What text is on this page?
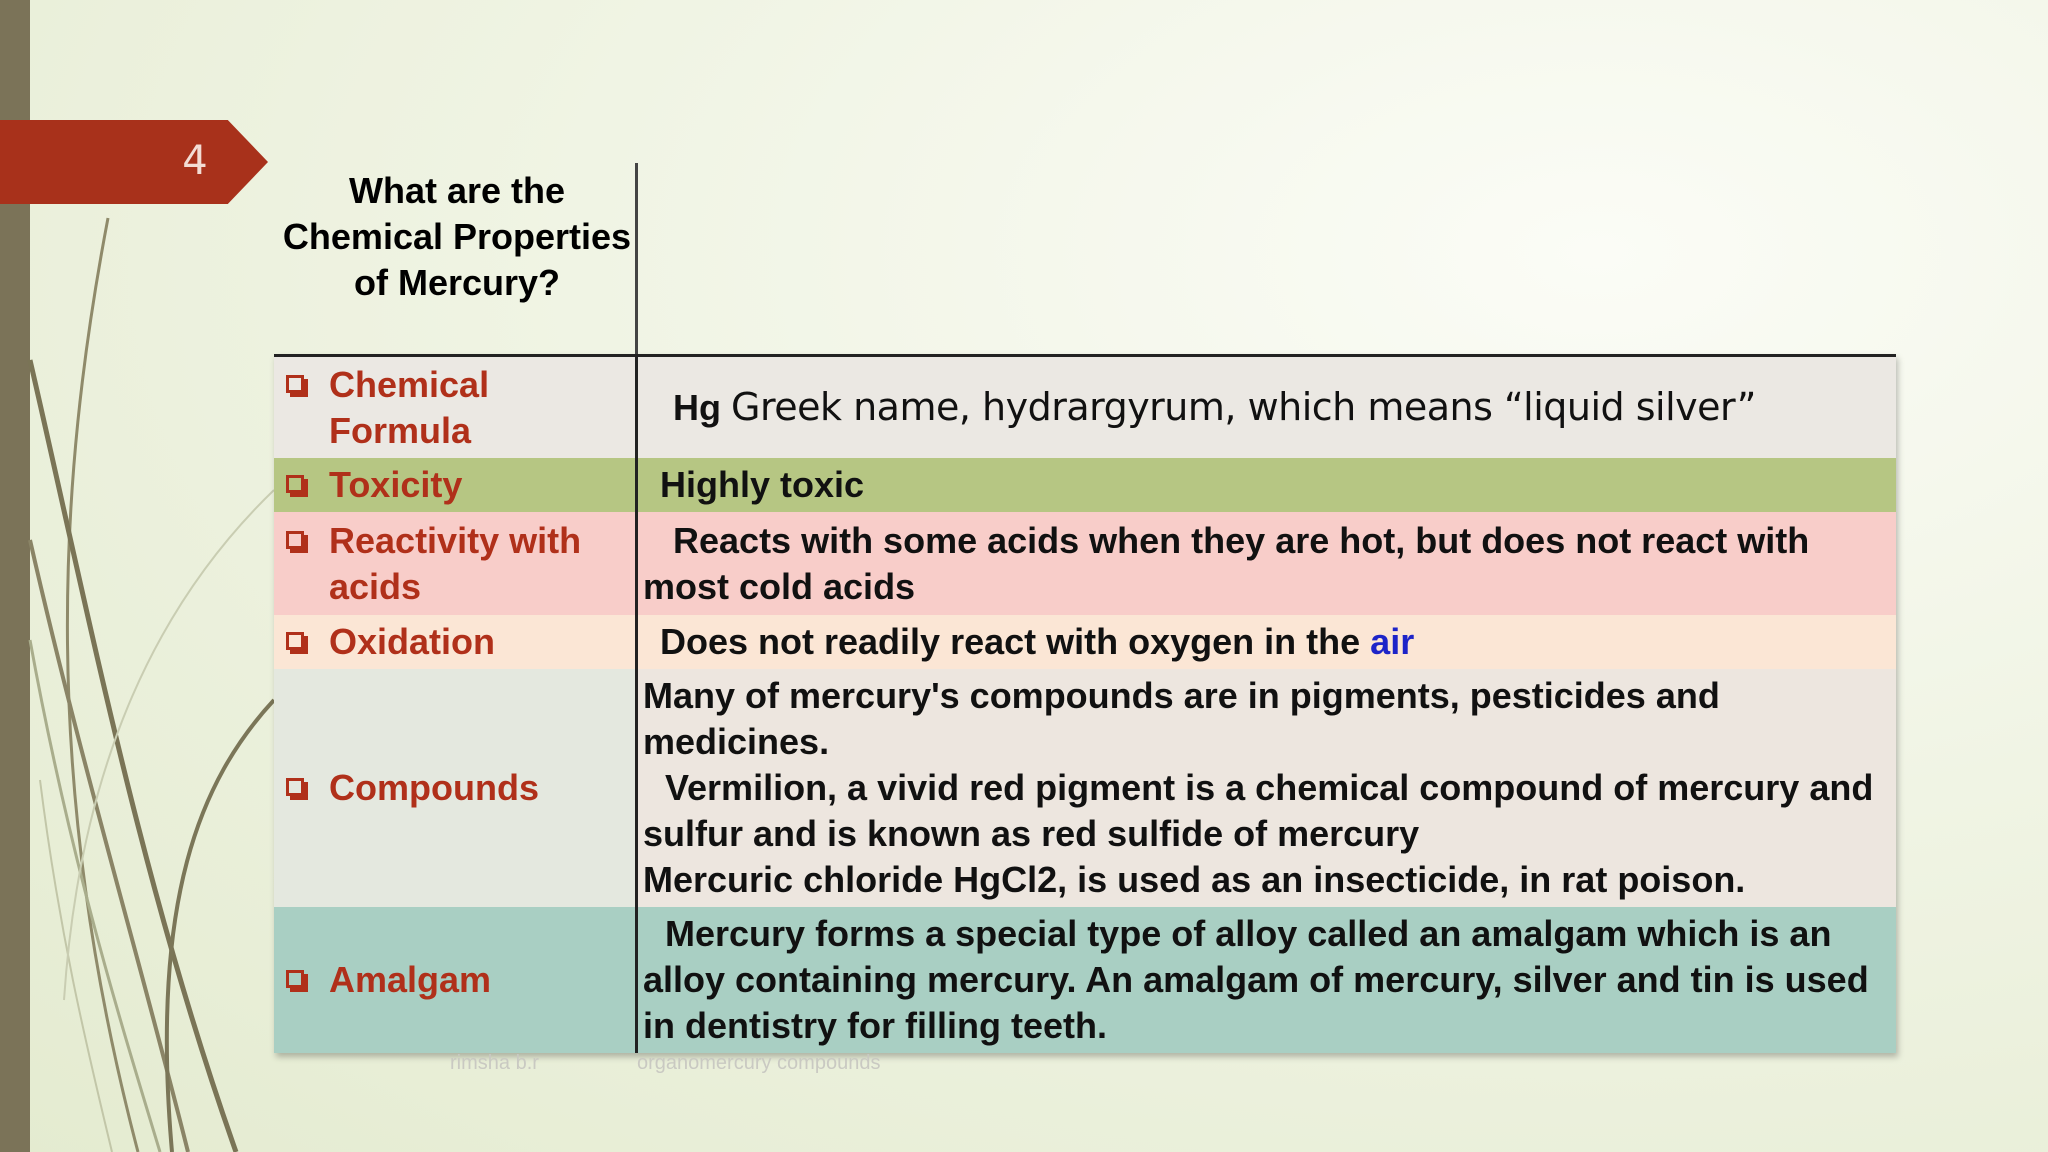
4
What are the Chemical Properties of Mercury?
Chemical Formula	Hg Greek name, hydrargyrum, which means “liquid silver”

Toxicity	Highly toxic

Reactivity with acids	Reacts with some acids when they are hot, but does not react with most cold acids

Oxidation	Does not readily react with oxygen in the air

Compounds	Many of mercury's compounds are in pigments, pesticides and medicines.
Vermilion, a vivid red pigment is a chemical compound of mercury and sulfur and is known as red sulfide of mercury
Mercuric chloride HgCl2, is used as an insecticide, in rat poison.

Amalgam	Mercury forms a special type of alloy called an amalgam which is an alloy containing mercury. An amalgam of mercury, silver and tin is used in dentistry for filling teeth.
rimsha b.r	organomercury compounds
